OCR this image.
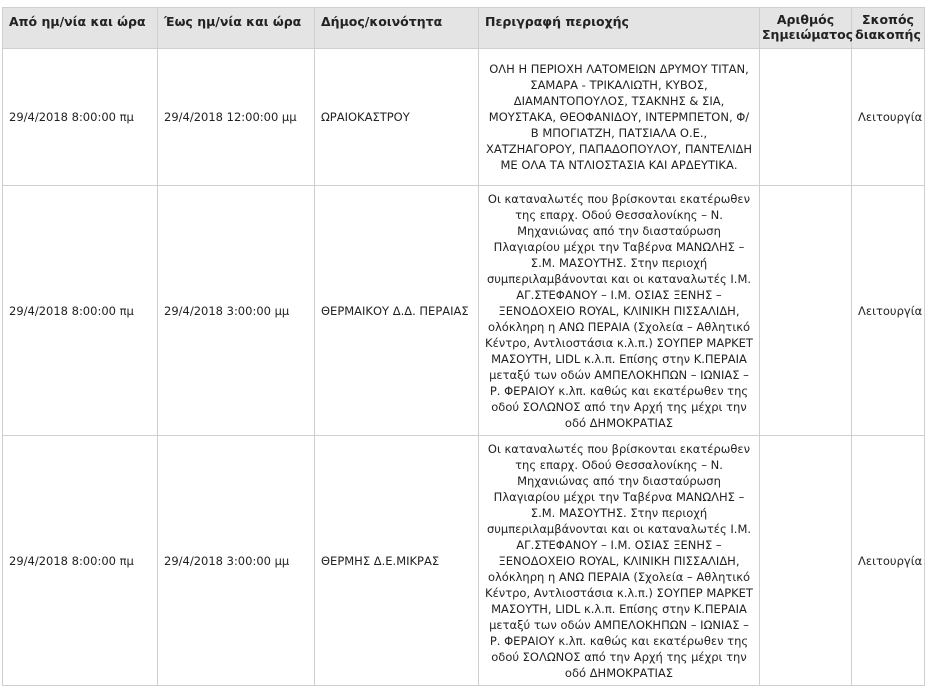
Από ημ/νία και ώρα	Έως ημ/νία και ώρα	Δήμος/κοινότητα	Περιγραφή περιοχής	Αριθμός Σημειώματος	Σκοπός διακοπής
29/4/2018 8:00:00 πμ	29/4/2018 12:00:00 μμ	ΩΡΑΙΟΚΑΣΤΡΟΥ	ΟΛΗ Η ΠΕΡΙΟΧΗ ΛΑΤΟΜΕΙΩΝ ΔΡΥΜΟΥ ΤΙΤΑΝ, ΣΑΜΑΡΑ - ΤΡΙΚΑΛΙΩΤΗ, ΚΥΒΟΣ, ΔΙΑΜΑΝΤΟΠΟΥΛΟΣ, ΤΣΑΚΝΗΣ & ΣΙΑ, ΜΟΥΣΤΑΚΑ, ΘΕΟΦΑΝΙΔΟΥ, ΙΝΤΕΡΜΠΕΤΟΝ, Φ/Β ΜΠΟΓΙΑΤΖΗ, ΠΑΤΣΙΑΛΑ Ο.Ε., ΧΑΤΖΗΑΓΟΡΟΥ, ΠΑΠΑΔΟΠΟΥΛΟΥ, ΠΑΝΤΕΛΙΔΗ ΜΕ ΟΛΑ ΤΑ ΝΤΛΙΟΣΤΑΣΙΑ ΚΑΙ ΑΡΔΕΥΤΙΚΑ.		Λειτουργία
29/4/2018 8:00:00 πμ	29/4/2018 3:00:00 μμ	ΘΕΡΜΑΙΚΟΥ Δ.Δ. ΠΕΡΑΙΑΣ	Οι καταναλωτές που βρίσκονται εκατέρωθεν της επαρχ. Οδού Θεσσαλονίκης – Ν. Μηχανιώνας από την διασταύρωση Πλαγιαρίου μέχρι την Ταβέρνα ΜΑΝΩΛΗΣ –Σ.Μ. ΜΑΣΟΥΤΗΣ. Στην περιοχή συμπεριλαμβάνονται και οι καταναλωτές Ι.Μ. ΑΓ.ΣΤΕΦΑΝΟΥ – Ι.Μ. ΟΣΙΑΣ ΞΕΝΗΣ – ΞΕΝΟΔΟΧΕΙΟ ROYAL, ΚΛΙΝΙΚΗ ΠΙΣΣΑΛΙΔΗ, ολόκληρη η ΑΝΩ ΠΕΡΑΙΑ (Σχολεία – Αθλητικό Κέντρο, Αντλιοστάσια κ.λ.π.) ΣΟΥΠΕΡ ΜΑΡΚΕΤ ΜΑΣΟΥΤΗ, LIDL κ.λ.π. Επίσης στην Κ.ΠΕΡΑΙΑ μεταξύ των οδών ΑΜΠΕΛΟΚΗΠΩΝ – ΙΩΝΙΑΣ – Ρ. ΦΕΡΑΙΟΥ κ.λπ. καθώς και εκατέρωθεν της οδού ΣΟΛΩΝΟΣ από την Αρχή της μέχρι την οδό ΔΗΜΟΚΡΑΤΙΑΣ		Λειτουργία
29/4/2018 8:00:00 πμ	29/4/2018 3:00:00 μμ	ΘΕΡΜΗΣ Δ.Ε.ΜΙΚΡΑΣ	Οι καταναλωτές που βρίσκονται εκατέρωθεν της επαρχ. Οδού Θεσσαλονίκης – Ν. Μηχανιώνας από την διασταύρωση Πλαγιαρίου μέχρι την Ταβέρνα ΜΑΝΩΛΗΣ –Σ.Μ. ΜΑΣΟΥΤΗΣ. Στην περιοχή συμπεριλαμβάνονται και οι καταναλωτές Ι.Μ. ΑΓ.ΣΤΕΦΑΝΟΥ – Ι.Μ. ΟΣΙΑΣ ΞΕΝΗΣ – ΞΕΝΟΔΟΧΕΙΟ ROYAL, ΚΛΙΝΙΚΗ ΠΙΣΣΑΛΙΔΗ, ολόκληρη η ΑΝΩ ΠΕΡΑΙΑ (Σχολεία – Αθλητικό Κέντρο, Αντλιοστάσια κ.λ.π.) ΣΟΥΠΕΡ ΜΑΡΚΕΤ ΜΑΣΟΥΤΗ, LIDL κ.λ.π. Επίσης στην Κ.ΠΕΡΑΙΑ μεταξύ των οδών ΑΜΠΕΛΟΚΗΠΩΝ – ΙΩΝΙΑΣ – Ρ. ΦΕΡΑΙΟΥ κ.λπ. καθώς και εκατέρωθεν της οδού ΣΟΛΩΝΟΣ από την Αρχή της μέχρι την οδό ΔΗΜΟΚΡΑΤΙΑΣ		Λειτουργία
